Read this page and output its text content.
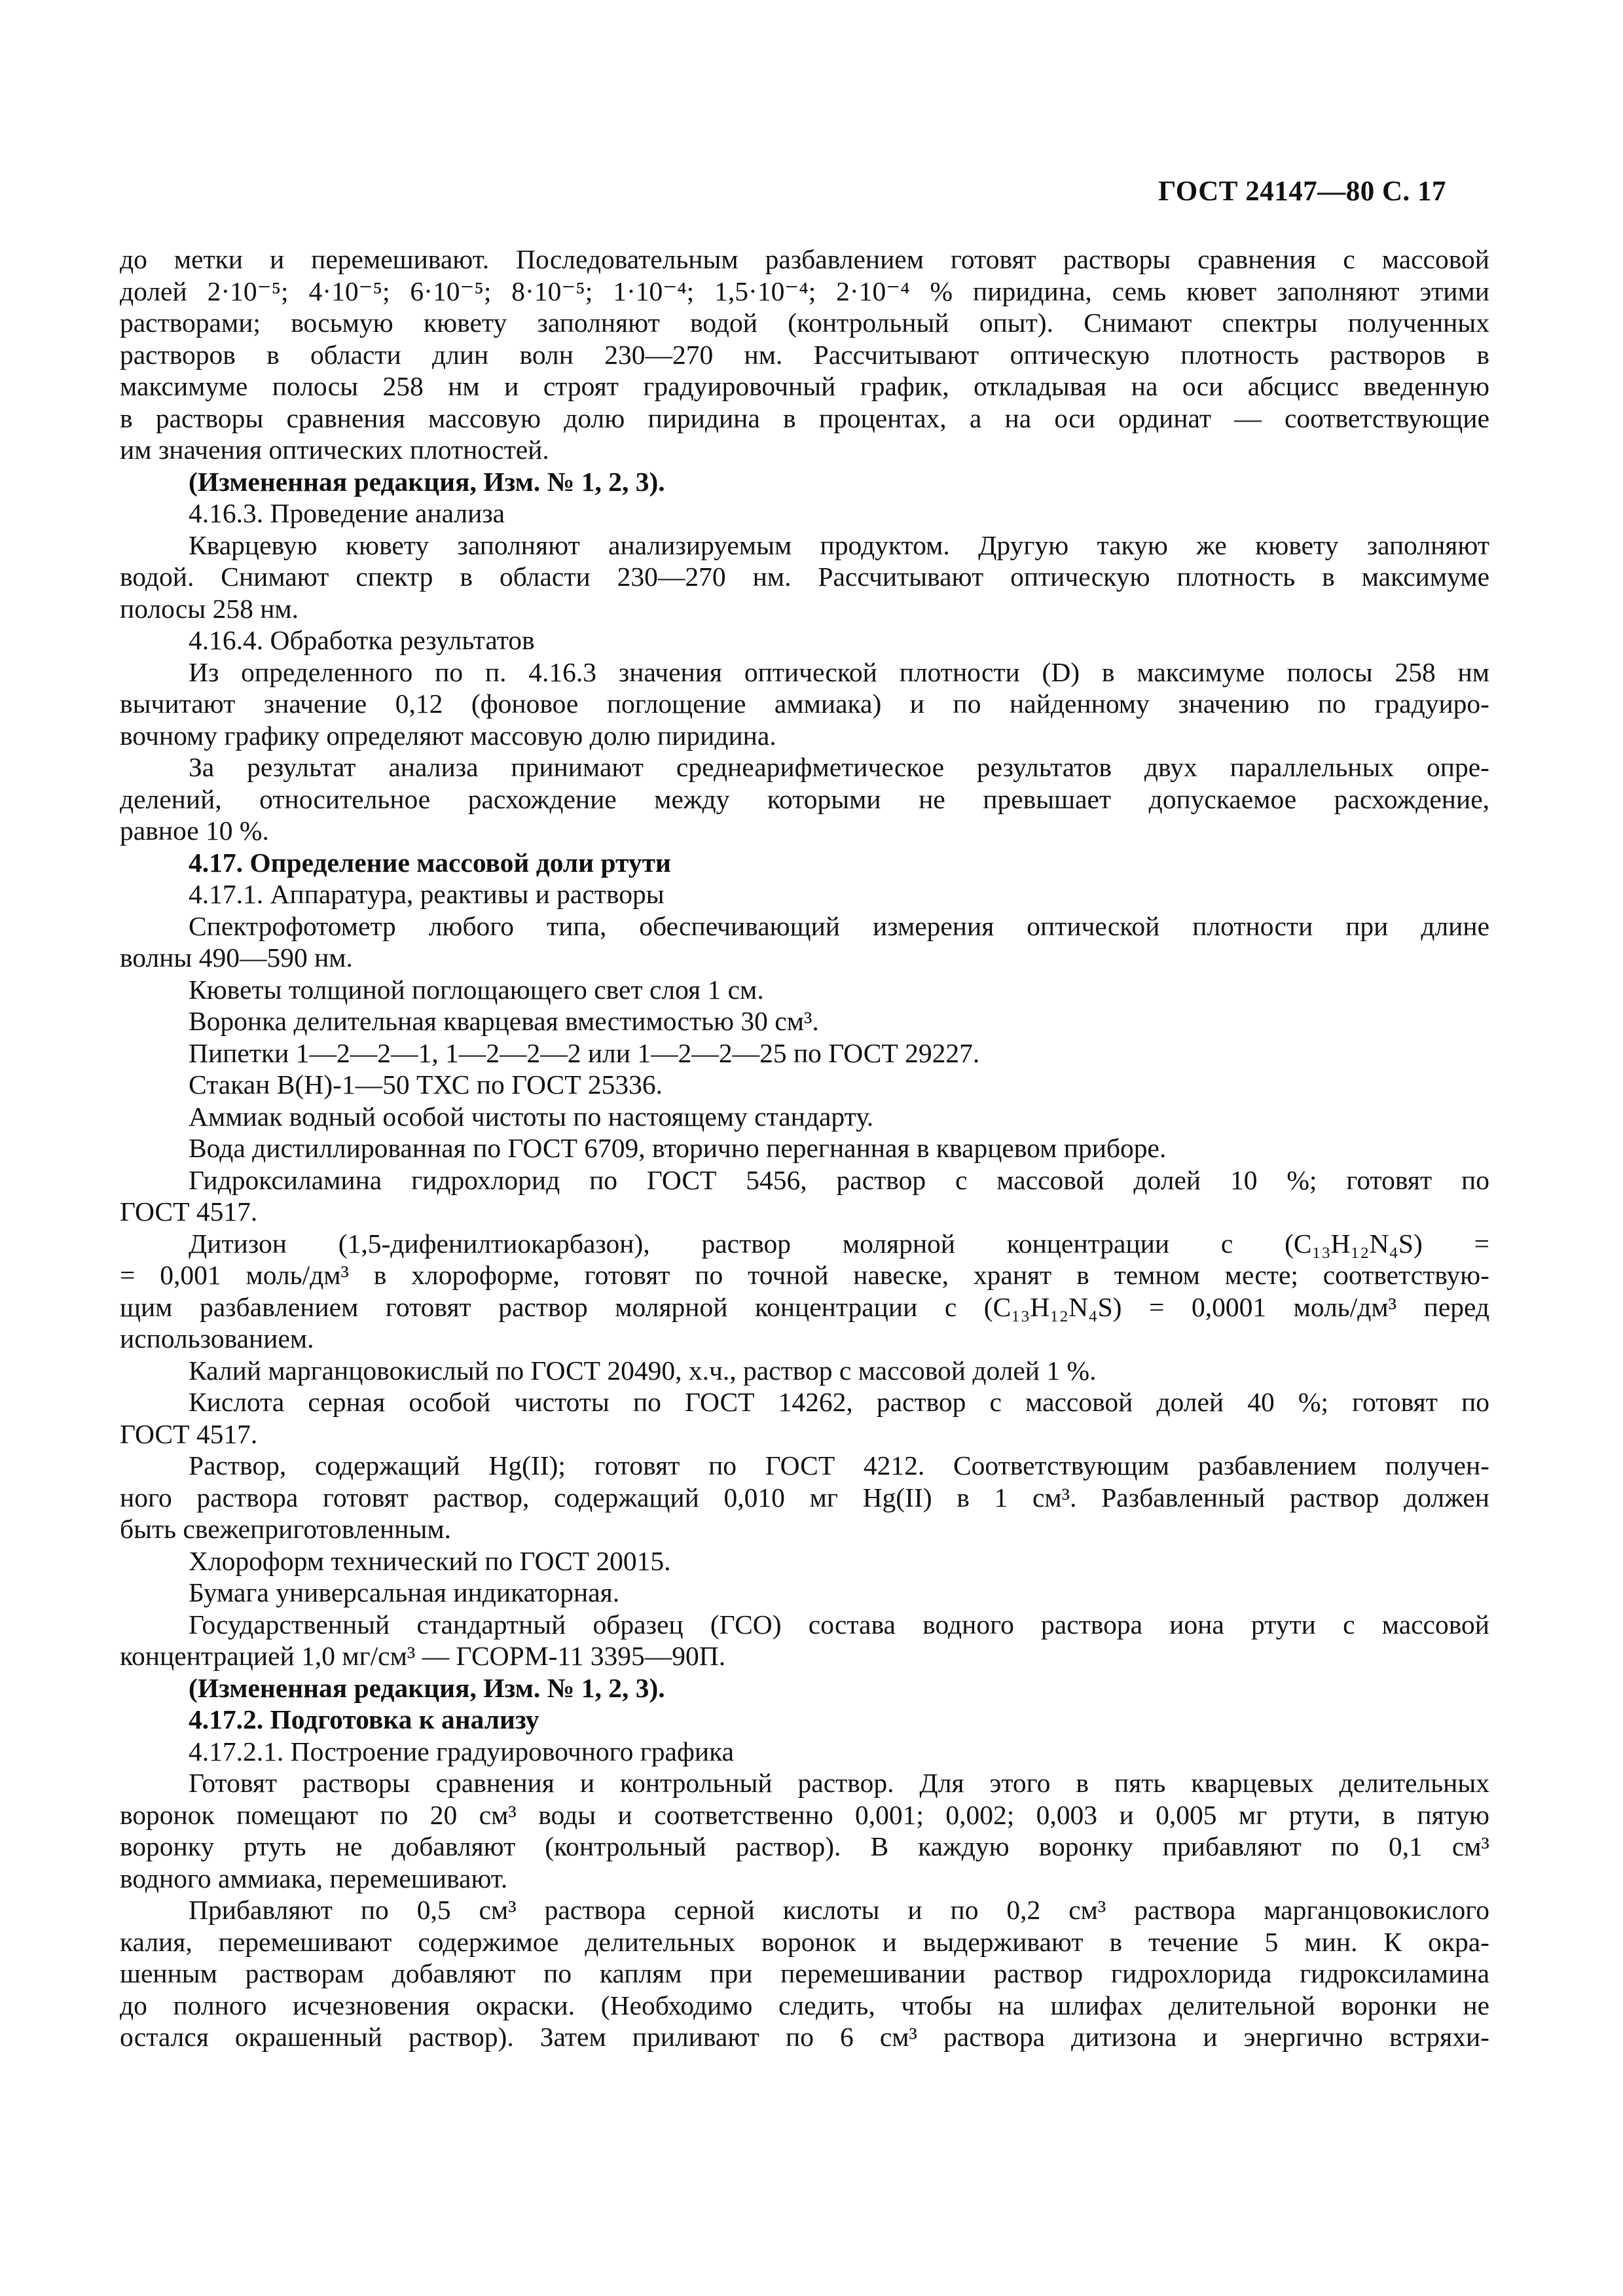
ГОСТ 24147—80 С. 17
до метки и перемешивают. Последовательным разбавлением готовят растворы сравнения с массовой
долей 2·10⁻⁵; 4·10⁻⁵; 6·10⁻⁵; 8·10⁻⁵; 1·10⁻⁴; 1,5·10⁻⁴; 2·10⁻⁴ % пиридина, семь кювет заполняют этими
растворами; восьмую кювету заполняют водой (контрольный опыт). Снимают спектры полученных
растворов в области длин волн 230—270 нм. Рассчитывают оптическую плотность растворов в
максимуме полосы 258 нм и строят градуировочный график, откладывая на оси абсцисс введенную
в растворы сравнения массовую долю пиридина в процентах, а на оси ординат — соответствующие
им значения оптических плотностей.
(Измененная редакция, Изм. № 1, 2, 3).
4.16.3. Проведение анализа
Кварцевую кювету заполняют анализируемым продуктом. Другую такую же кювету заполняют
водой. Снимают спектр в области 230—270 нм. Рассчитывают оптическую плотность в максимуме
полосы 258 нм.
4.16.4. Обработка результатов
Из определенного по п. 4.16.3 значения оптической плотности (D) в максимуме полосы 258 нм
вычитают значение 0,12 (фоновое поглощение аммиака) и по найденному значению по градуиро-
вочному графику определяют массовую долю пиридина.
За результат анализа принимают среднеарифметическое результатов двух параллельных опре-
делений, относительное расхождение между которыми не превышает допускаемое расхождение,
равное 10 %.
4.17. Определение массовой доли ртути
4.17.1. Аппаратура, реактивы и растворы
Спектрофотометр любого типа, обеспечивающий измерения оптической плотности при длине
волны 490—590 нм.
Кюветы толщиной поглощающего свет слоя 1 см.
Воронка делительная кварцевая вместимостью 30 см³.
Пипетки 1—2—2—1, 1—2—2—2 или 1—2—2—25 по ГОСТ 29227.
Стакан В(Н)-1—50 ТХС по ГОСТ 25336.
Аммиак водный особой чистоты по настоящему стандарту.
Вода дистиллированная по ГОСТ 6709, вторично перегнанная в кварцевом приборе.
Гидроксиламина гидрохлорид по ГОСТ 5456, раствор с массовой долей 10 %; готовят по
ГОСТ 4517.
Дитизон (1,5-дифенилтиокарбазон), раствор молярной концентрации c (C₁₃H₁₂N₄S) =
= 0,001 моль/дм³ в хлороформе, готовят по точной навеске, хранят в темном месте; соответствую-
щим разбавлением готовят раствор молярной концентрации c (C₁₃H₁₂N₄S) = 0,0001 моль/дм³ перед
использованием.
Калий марганцовокислый по ГОСТ 20490, х.ч., раствор с массовой долей 1 %.
Кислота серная особой чистоты по ГОСТ 14262, раствор с массовой долей 40 %; готовят по
ГОСТ 4517.
Раствор, содержащий Hg(II); готовят по ГОСТ 4212. Соответствующим разбавлением получен-
ного раствора готовят раствор, содержащий 0,010 мг Hg(II) в 1 см³. Разбавленный раствор должен
быть свежеприготовленным.
Хлороформ технический по ГОСТ 20015.
Бумага универсальная индикаторная.
Государственный стандартный образец (ГСО) состава водного раствора иона ртути с массовой
концентрацией 1,0 мг/см³ — ГСОРМ-11 3395—90П.
(Измененная редакция, Изм. № 1, 2, 3).
4.17.2. Подготовка к анализу
4.17.2.1. Построение градуировочного графика
Готовят растворы сравнения и контрольный раствор. Для этого в пять кварцевых делительных
воронок помещают по 20 см³ воды и соответственно 0,001; 0,002; 0,003 и 0,005 мг ртути, в пятую
воронку ртуть не добавляют (контрольный раствор). В каждую воронку прибавляют по 0,1 см³
водного аммиака, перемешивают.
Прибавляют по 0,5 см³ раствора серной кислоты и по 0,2 см³ раствора марганцовокислого
калия, перемешивают содержимое делительных воронок и выдерживают в течение 5 мин. К окра-
шенным растворам добавляют по каплям при перемешивании раствор гидрохлорида гидроксиламина
до полного исчезновения окраски. (Необходимо следить, чтобы на шлифах делительной воронки не
остался окрашенный раствор). Затем приливают по 6 см³ раствора дитизона и энергично встряхи-
